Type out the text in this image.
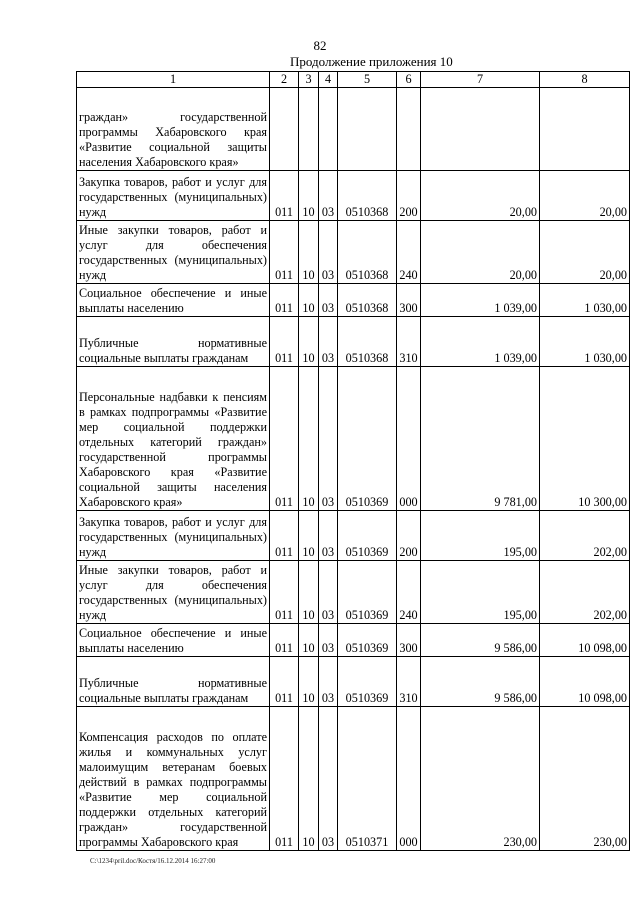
82
Продолжение приложения 10
1	2	3	4	5	6	7	8
граждан» государственной программы Хабаровского края «Развитие социальной защиты населения Хабаровского края»							
Закупка товаров, работ и услуг для государственных (муниципальных) нужд	011	10	03	0510368	200	20,00	20,00
Иные закупки товаров, работ и услуг для обеспечения государственных (муниципальных) нужд	011	10	03	0510368	240	20,00	20,00
Социальное обеспечение и иные выплаты населению	011	10	03	0510368	300	1 039,00	1 030,00
Публичные нормативные социальные выплаты гражданам	011	10	03	0510368	310	1 039,00	1 030,00
Персональные надбавки к пенсиям в рамках подпрограммы «Развитие мер социальной поддержки отдельных категорий граждан» государственной программы Хабаровского края «Развитие социальной защиты населения Хабаровского края»	011	10	03	0510369	000	9 781,00	10 300,00
Закупка товаров, работ и услуг для государственных (муниципальных) нужд	011	10	03	0510369	200	195,00	202,00
Иные закупки товаров, работ и услуг для обеспечения государственных (муниципальных) нужд	011	10	03	0510369	240	195,00	202,00
Социальное обеспечение и иные выплаты населению	011	10	03	0510369	300	9 586,00	10 098,00
Публичные нормативные социальные выплаты гражданам	011	10	03	0510369	310	9 586,00	10 098,00
Компенсация расходов по оплате жилья и коммунальных услуг малоимущим ветеранам боевых действий в рамках подпрограммы «Развитие мер социальной поддержки отдельных категорий граждан» государственной программы Хабаровского края	011	10	03	0510371	000	230,00	230,00
C:\1234\pril.doc/Костя/16.12.2014 16:27:00
